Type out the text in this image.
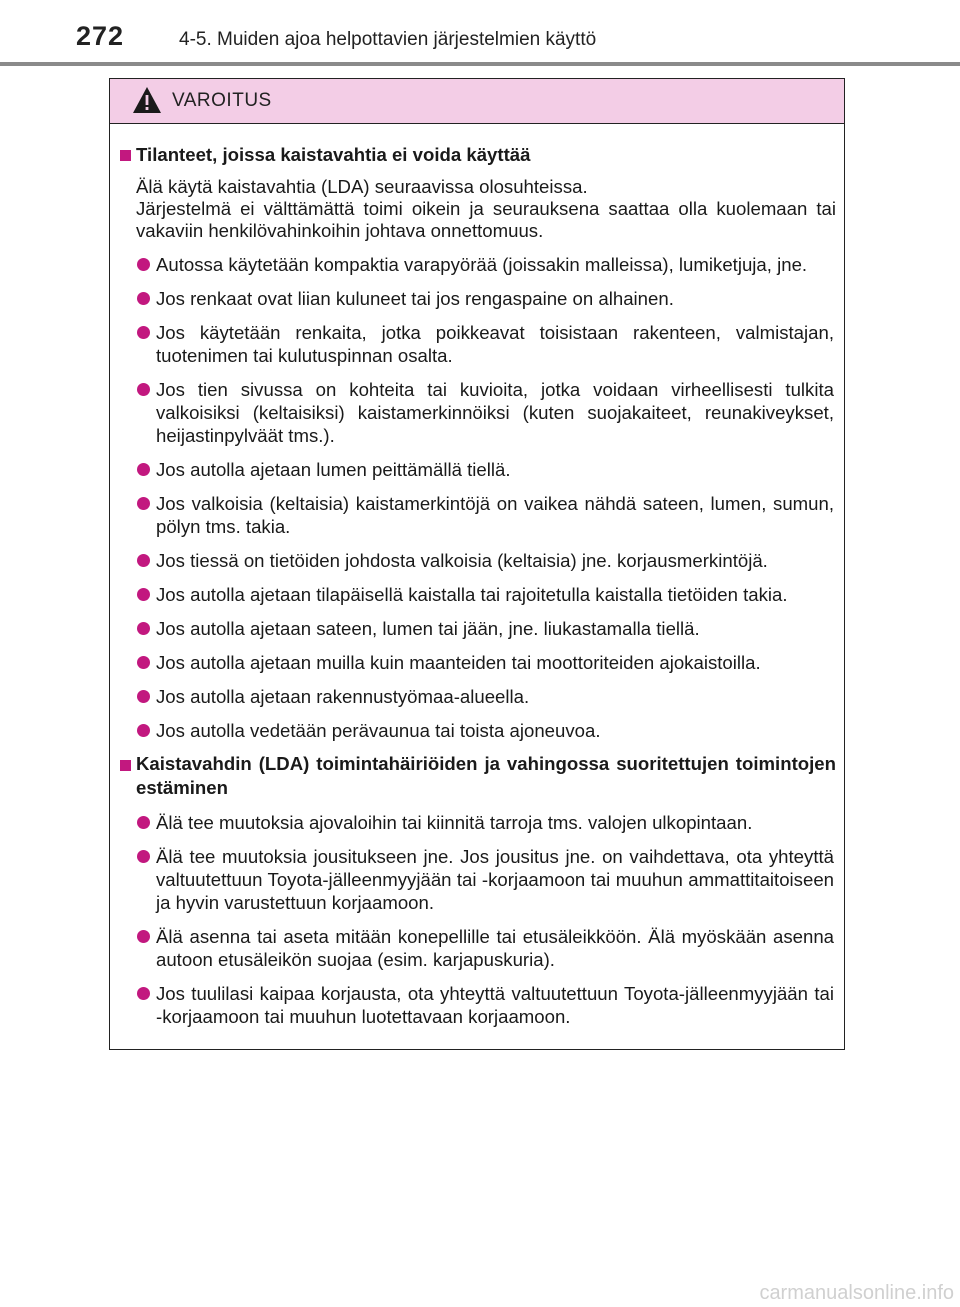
272	4-5. Muiden ajoa helpottavien järjestelmien käyttö
VAROITUS
Tilanteet, joissa kaistavahtia ei voida käyttää
Älä käytä kaistavahtia (LDA) seuraavissa olosuhteissa.
Järjestelmä ei välttämättä toimi oikein ja seurauksena saattaa olla kuolemaan tai vakaviin henkilövahinkoihin johtava onnettomuus.
Autossa käytetään kompaktia varapyörää (joissakin malleissa), lumiketjuja, jne.
Jos renkaat ovat liian kuluneet tai jos rengaspaine on alhainen.
Jos käytetään renkaita, jotka poikkeavat toisistaan rakenteen, valmistajan, tuotenimen tai kulutuspinnan osalta.
Jos tien sivussa on kohteita tai kuvioita, jotka voidaan virheellisesti tulkita valkoisiksi (keltaisiksi) kaistamerkinnöiksi (kuten suojakaiteet, reunakiveykset, heijastinpylväät tms.).
Jos autolla ajetaan lumen peittämällä tiellä.
Jos valkoisia (keltaisia) kaistamerkintöjä on vaikea nähdä sateen, lumen, sumun, pölyn tms. takia.
Jos tiessä on tietöiden johdosta valkoisia (keltaisia) jne. korjausmerkintöjä.
Jos autolla ajetaan tilapäisellä kaistalla tai rajoitetulla kaistalla tietöiden takia.
Jos autolla ajetaan sateen, lumen tai jään, jne. liukastamalla tiellä.
Jos autolla ajetaan muilla kuin maanteiden tai moottoriteiden ajokaistoilla.
Jos autolla ajetaan rakennustyömaa-alueella.
Jos autolla vedetään perävaunua tai toista ajoneuvoa.
Kaistavahdin (LDA) toimintahäiriöiden ja vahingossa suoritettujen toimintojen estäminen
Älä tee muutoksia ajovaloihin tai kiinnitä tarroja tms. valojen ulkopintaan.
Älä tee muutoksia jousitukseen jne. Jos jousitus jne. on vaihdettava, ota yhteyttä valtuutettuun Toyota-jälleenmyyjään tai -korjaamoon tai muuhun ammattitaitoiseen ja hyvin varustettuun korjaamoon.
Älä asenna tai aseta mitään konepellille tai etusäleikköön. Älä myöskään asenna autoon etusäleikön suojaa (esim. karjapuskuria).
Jos tuulilasi kaipaa korjausta, ota yhteyttä valtuutettuun Toyota-jälleenmyyjään tai -korjaamoon tai muuhun luotettavaan korjaamoon.
carmanualsonline.info
